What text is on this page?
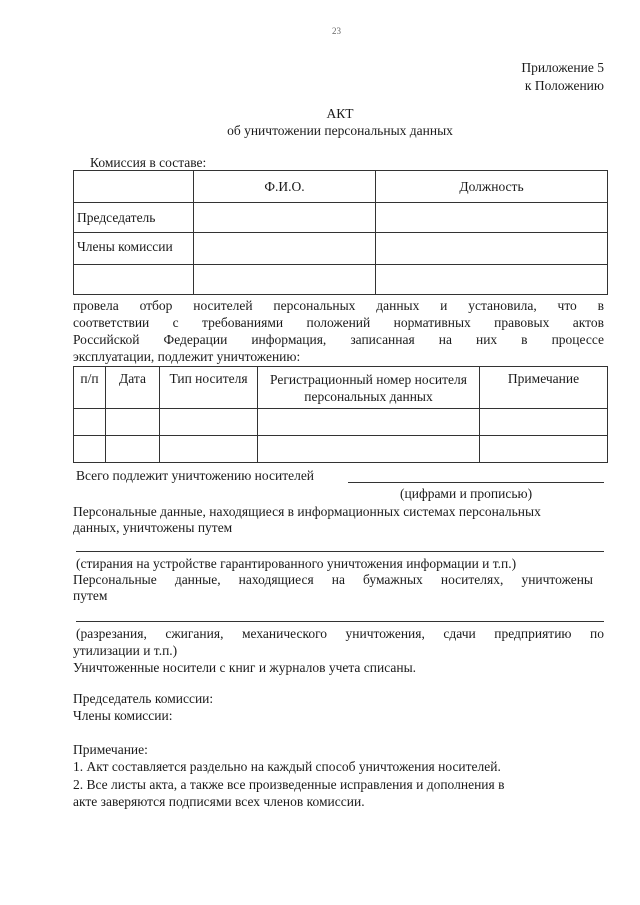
23
Приложение 5
к Положению
АКТ
об уничтожении персональных данных
Комиссия в составе:
	Ф.И.О.	Должность
Председатель		
Члены комиссии		

провела отбор носителей персональных данных и установила, что в
соответствии с требованиями положений нормативных правовых актов
Российской Федерации информация, записанная на них в процессе
эксплуатации, подлежит уничтожению:
п/п	Дата	Тип носителя	Регистрационный номер носителя персональных данных	Примечание

Всего подлежит уничтожению носителей
(цифрами и прописью)
Персональные данные, находящиеся в информационных системах персональных
данных, уничтожены путем
(стирания на устройстве гарантированного уничтожения информации и т.п.)
Персональные данные, находящиеся на бумажных носителях, уничтожены
путем
(разрезания, сжигания, механического уничтожения, сдачи предприятию по
утилизации и т.п.)
Уничтоженные носители с книг и журналов учета списаны.
Председатель комиссии:
Члены комиссии:
Примечание:
1. Акт составляется раздельно на каждый способ уничтожения носителей.
2. Все листы акта, а также все произведенные исправления и дополнения в
акте заверяются подписями всех членов комиссии.
